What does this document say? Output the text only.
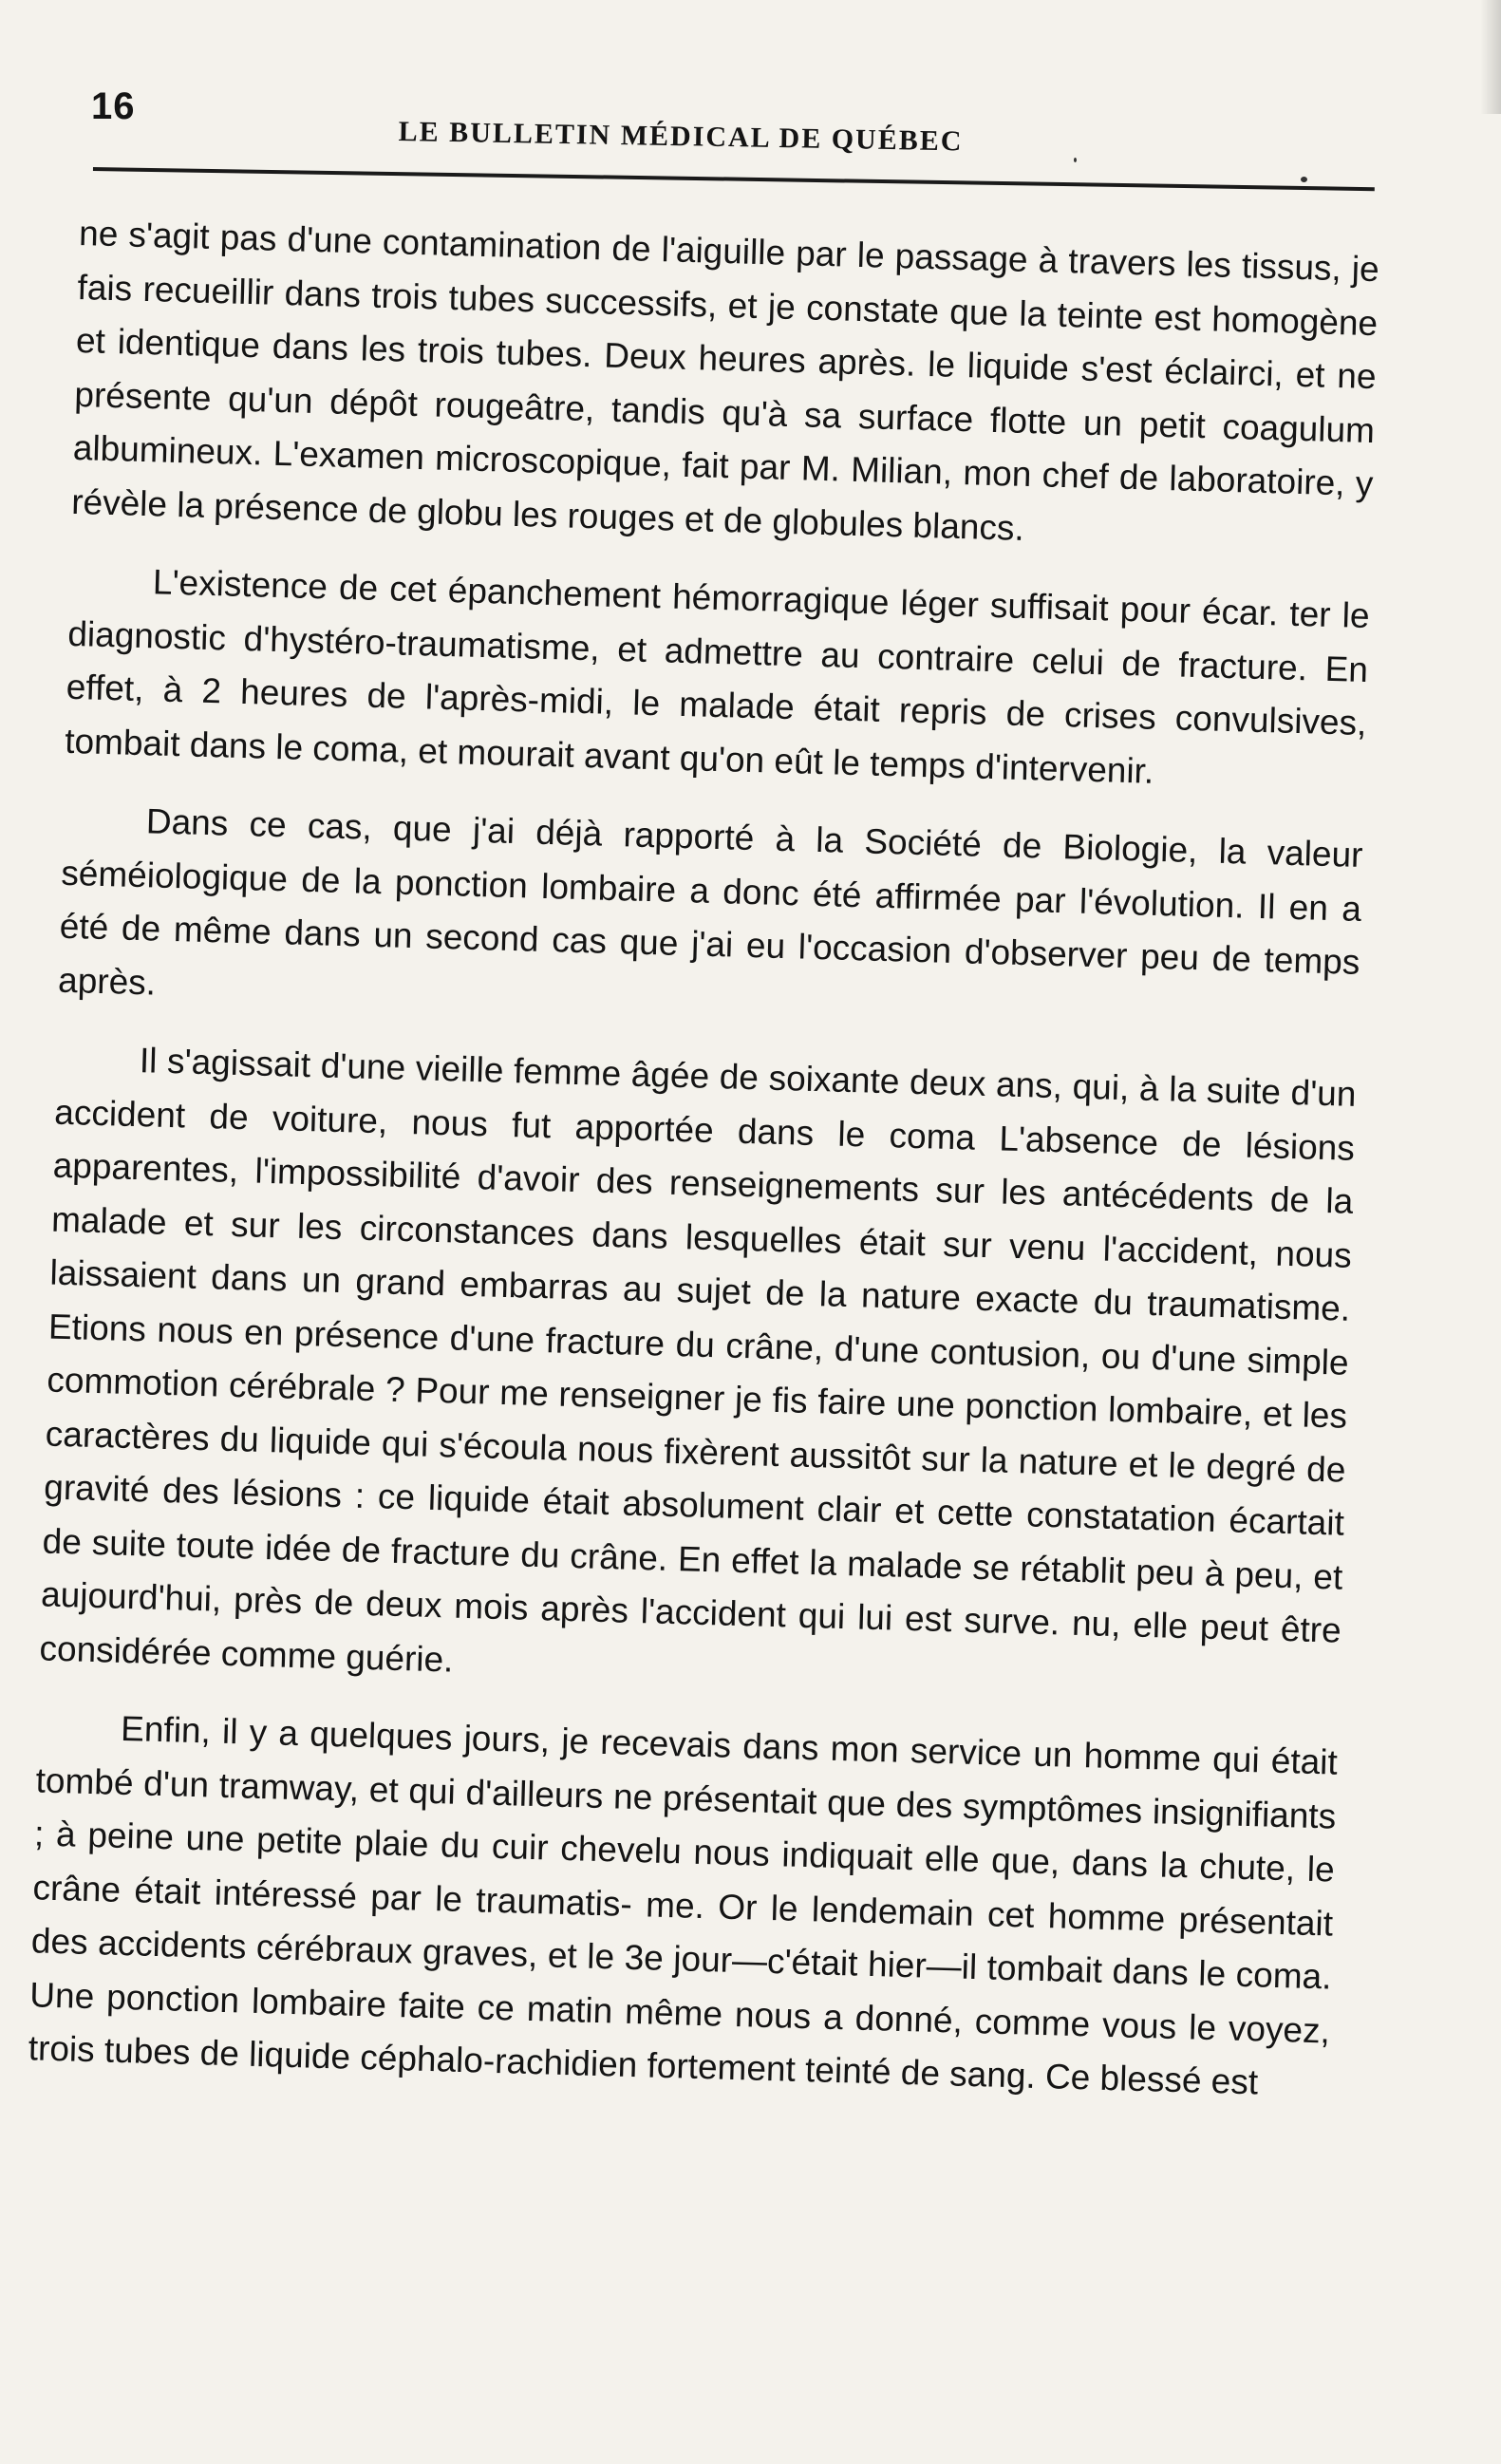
16
LE BULLETIN MÉDICAL DE QUÉBEC

ne s'agit pas d'une contamination de l'aiguille par le passage à travers les tissus, je fais recueillir dans trois tubes successifs, et je constate que la teinte est homogène et identique dans les trois tubes. Deux heures après. le liquide s'est éclairci, et ne présente qu'un dépôt rougeâtre, tandis qu'à sa surface flotte un petit coagulum albumineux. L'examen microscopique, fait par M. Milian, mon chef de laboratoire, y révèle la présence de globu les rouges et de globules blancs.

L'existence de cet épanchement hémorragique léger suffisait pour écar. ter le diagnostic d'hystéro-traumatisme, et admettre au contraire celui de fracture. En effet, à 2 heures de l'après-midi, le malade était repris de crises convulsives, tombait dans le coma, et mourait avant qu'on eût le temps d'intervenir.

Dans ce cas, que j'ai déjà rapporté à la Société de Biologie, la valeur séméiologique de la ponction lombaire a donc été affirmée par l'évolution. Il en a été de même dans un second cas que j'ai eu l'occasion d'observer peu de temps après.

Il s'agissait d'une vieille femme âgée de soixante deux ans, qui, à la suite d'un accident de voiture, nous fut apportée dans le coma L'absence de lésions apparentes, l'impossibilité d'avoir des renseignements sur les antécédents de la malade et sur les circonstances dans lesquelles était sur venu l'accident, nous laissaient dans un grand embarras au sujet de la nature exacte du traumatisme. Etions nous en présence d'une fracture du crâne, d'une contusion, ou d'une simple commotion cérébrale ? Pour me renseigner je fis faire une ponction lombaire, et les caractères du liquide qui s'écoula nous fixèrent aussitôt sur la nature et le degré de gravité des lésions : ce liquide était absolument clair et cette constatation écartait de suite toute idée de fracture du crâne. En effet la malade se rétablit peu à peu, et aujourd'hui, près de deux mois après l'accident qui lui est surve. nu, elle peut être considérée comme guérie.

Enfin, il y a quelques jours, je recevais dans mon service un homme qui était tombé d'un tramway, et qui d'ailleurs ne présentait que des symptômes insignifiants ; à peine une petite plaie du cuir chevelu nous indiquait elle que, dans la chute, le crâne était intéressé par le traumatis- me. Or le lendemain cet homme présentait des accidents cérébraux graves, et le 3e jour—c'était hier—il tombait dans le coma. Une ponction lombaire faite ce matin même nous a donné, comme vous le voyez, trois tubes de liquide céphalo-rachidien fortement teinté de sang. Ce blessé est
